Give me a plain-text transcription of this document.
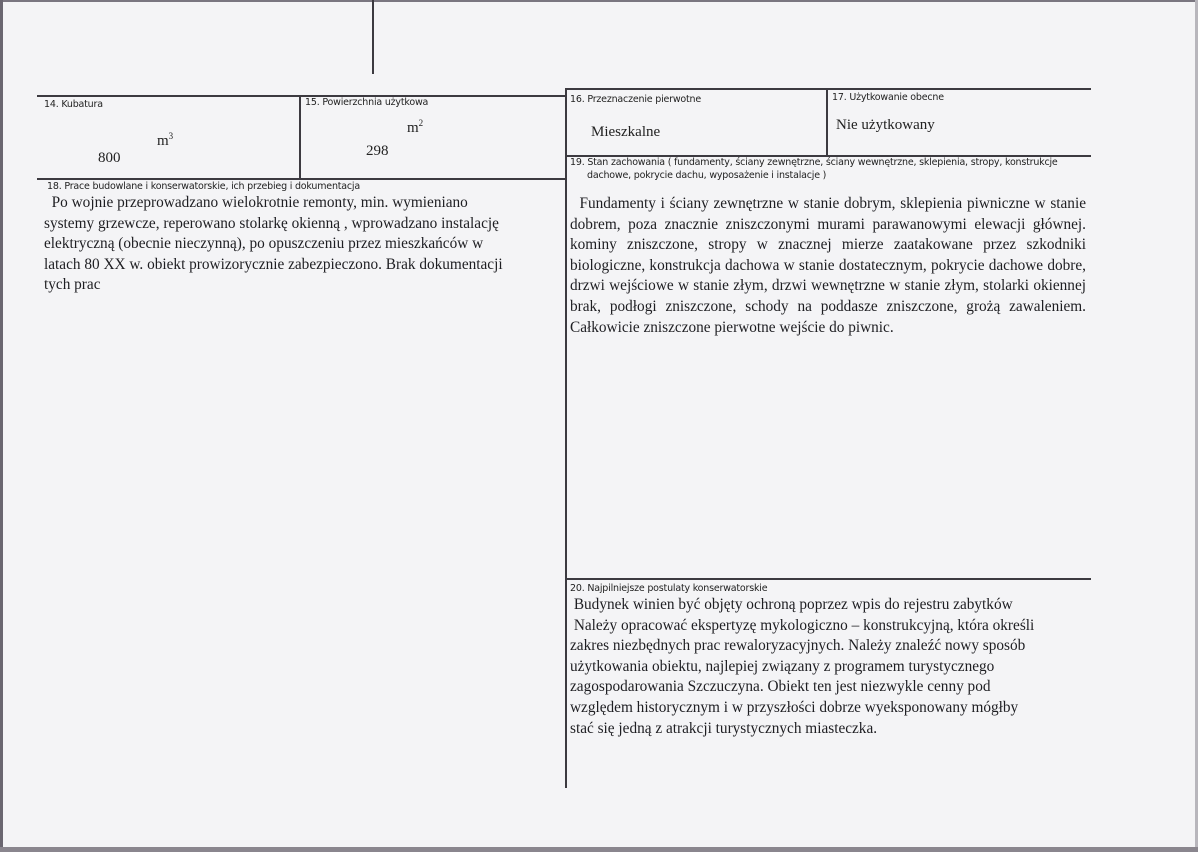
14. Kubatura
$m^3$
800
15. Powierzchnia użytkowa
$m^2$
298
16. Przeznaczenie pierwotne
Mieszkalne
17. Użytkowanie obecne
Nie użytkowany
18. Prace budowlane i konserwatorskie, ich przebieg i dokumentacja

Po wojnie przeprowadzano wielokrotnie remonty, min. wymieniano

systemy grzewcze, reperowano stolarkę okienną , wprowadzano instalację

elektryczną (obecnie nieczynną), po opuszczeniu przez mieszkańców w

latach 80 XX w. obiekt prowizorycznie zabezpieczono. Brak dokumentacji

tych prac

19. Stan zachowania ( fundamenty, ściany zewnętrzne, ściany wewnętrzne, sklepienia, stropy, konstrukcje
dachowe, pokrycie dachu, wyposażenie i instalacje )
Fundamenty i ściany zewnętrzne w stanie dobrym, sklepienia piwniczne w stanie dobrem, poza znacznie zniszczonymi murami parawanowymi elewacji głównej. kominy zniszczone, stropy w znacznej mierze zaatakowane przez szkodniki biologiczne, konstrukcja dachowa w stanie dostatecznym, pokrycie dachowe dobre, drzwi wejściowe w stanie złym, drzwi wewnętrzne w stanie złym, stolarki okiennej brak, podłogi zniszczone, schody na poddasze zniszczone, grożą zawaleniem. Całkowicie zniszczone pierwotne wejście do piwnic.
20. Najpilniejsze postulaty konserwatorskie

Budynek winien być objęty ochroną poprzez wpis do rejestru zabytków

Należy opracować ekspertyzę mykologiczno – konstrukcyjną, która określi

zakres niezbędnych prac rewaloryzacyjnych. Należy znaleźć nowy sposób

użytkowania obiektu, najlepiej związany z programem turystycznego

zagospodarowania Szczuczyna. Obiekt ten jest niezwykle cenny pod

względem historycznym i w przyszłości dobrze wyeksponowany mógłby

stać się jedną z atrakcji turystycznych miasteczka.
